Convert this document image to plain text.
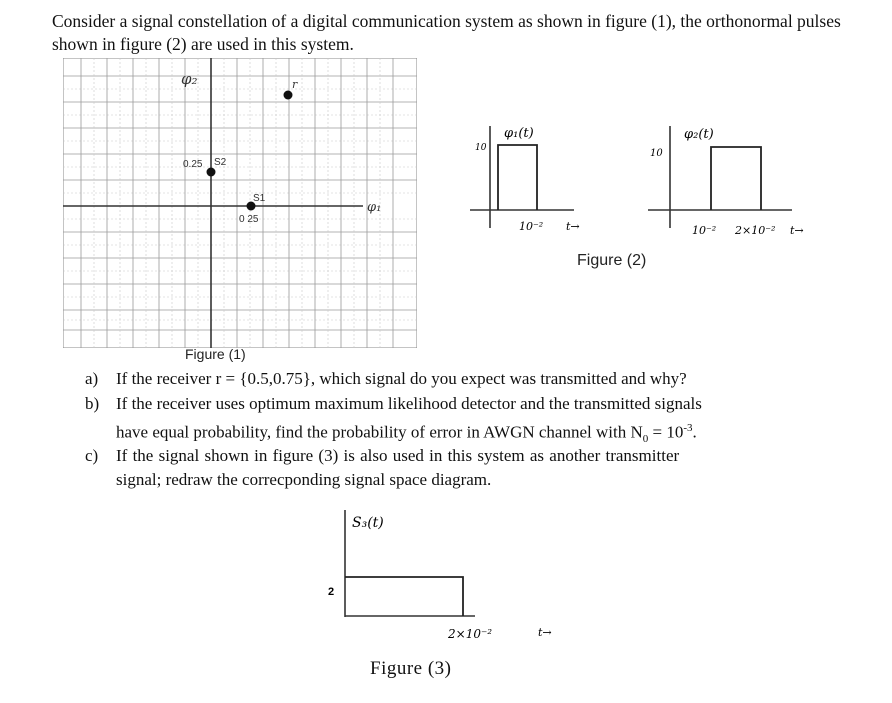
Consider a signal constellation of a digital communication system as shown in figure (1), the orthonormal pulses shown in figure (2) are used in this system.
φ₂
φ₁
0.25 S2
S1
0 25
r
Figure (1)
φ₁(t)
10
10⁻² t→
φ₂(t)
10
10⁻² 2×10⁻² t→
Figure (2)
a) If the receiver r = {0.5,0.75}, which signal do you expect was transmitted and why?
b) If the receiver uses optimum maximum likelihood detector and the transmitted signals
have equal probability, find the probability of error in AWGN channel with $N_0 = 10^{-3}$.
c) If the signal shown in figure (3) is also used in this system as another transmitter
signal; redraw the correcponding signal space diagram.
S₃(t)
2
2×10⁻²	t→
Figure (3)
